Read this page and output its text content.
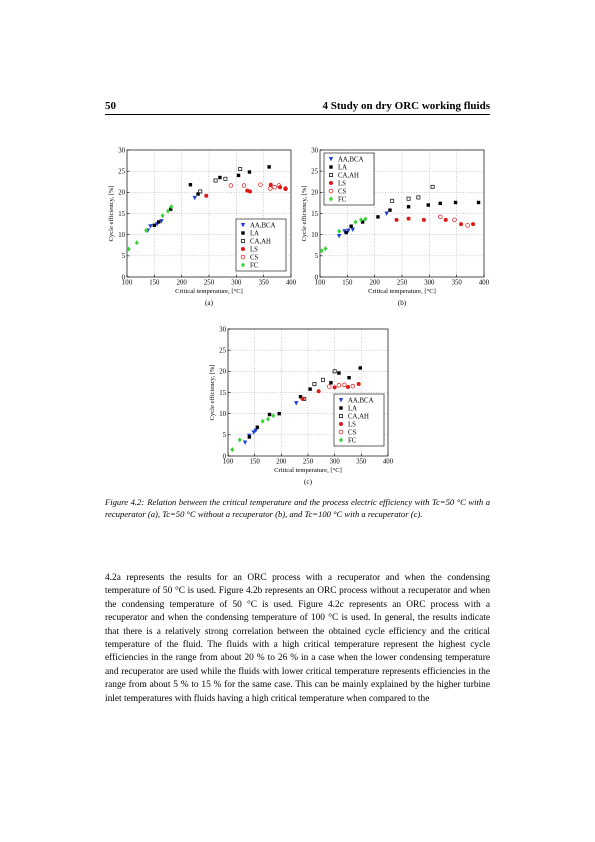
50	4 Study on dry ORC working fluids
100	150	200	250	300	350	400
0
5
10
15
20
25
30
Critical temperature, [°C]
Cycle efficiency, [%]
(a)
AA,BCA
LA
CA,AH
LS
CS
FC
100	150	200	250	300	350	400
0
5
10
15
20
25
30
Critical temperature, [°C]
Cycle efficiency, [%]
(b)
AA,BCA
LA
CA,AH
LS
CS
FC
100 150 200 250 300 350 400
0
5
10
15
20
25
30
Critical temperature, [°C]
Cycle efficiency, [%]
(c)
AA,BCA
LA
CA,AH
LS
CS
FC
Figure 4.2: Relation between the critical temperature and the process electric efficiency with Tc=50 °C with a recuperator (a), Tc=50 °C without a recuperator (b), and Tc=100 °C with a recuperator (c).

4.2a represents the results for an ORC process with a recuperator and when the condensing temperature of 50 °C is used. Figure 4.2b represents an ORC process without a recuperator and when the condensing temperature of 50 °C is used. Figure 4.2c represents an ORC process with a recuperator and when the condensing temperature of 100 °C is used. In general, the results indicate that there is a relatively strong correlation between the obtained cycle efficiency and the critical temperature of the fluid. The fluids with a high critical temperature represent the highest cycle efficiencies in the range from about 20 % to 26 % in a case when the lower condensing temperature and recuperator are used while the fluids with lower critical temperature represents efficiencies in the range from about 5 % to 15 % for the same case. This can be mainly explained by the higher turbine inlet temperatures with fluids having a high critical temperature when compared to the
